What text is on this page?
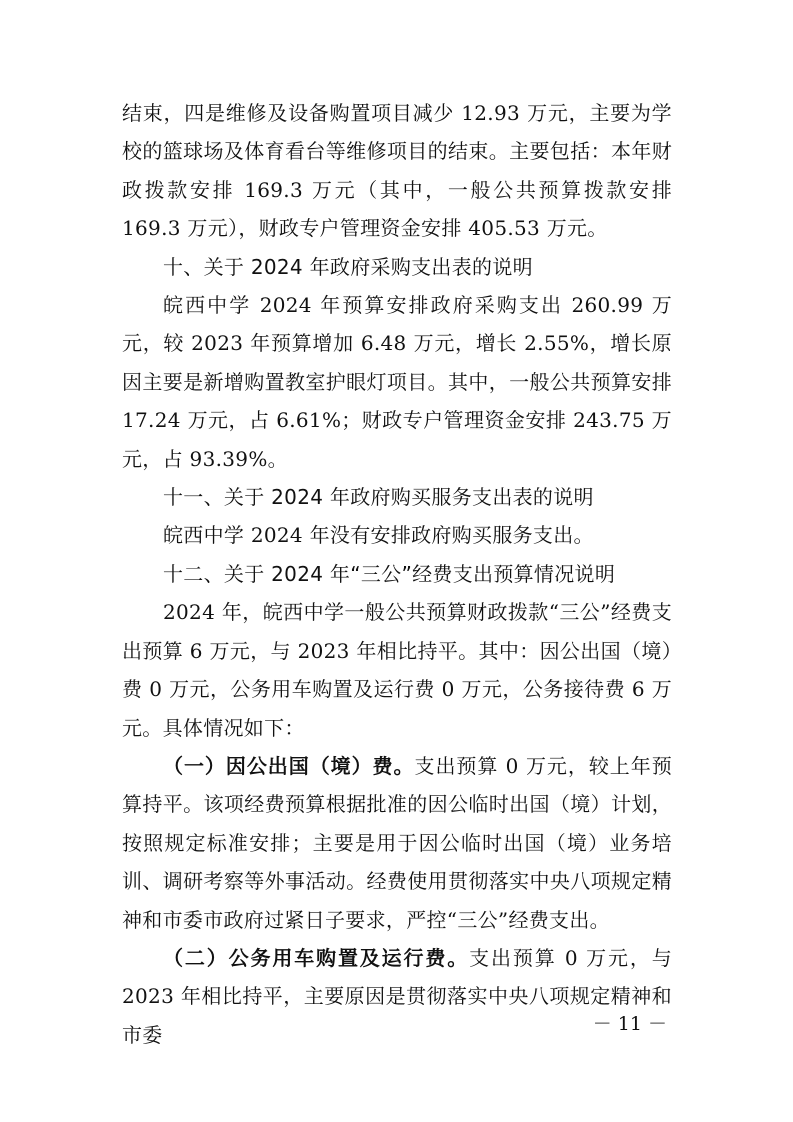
结束，四是维修及设备购置项目减少 12.93 万元，主要为学校的篮球场及体育看台等维修项目的结束。主要包括：本年财政拨款安排 169.3 万元（其中，一般公共预算拨款安排 169.3 万元），财政专户管理资金安排 405.53 万元。

十、关于 2024 年政府采购支出表的说明

皖西中学 2024 年预算安排政府采购支出 260.99 万元，较 2023 年预算增加 6.48 万元，增长 2.55%，增长原因主要是新增购置教室护眼灯项目。其中，一般公共预算安排 17.24 万元，占 6.61%；财政专户管理资金安排 243.75 万元，占 93.39%。

十一、关于 2024 年政府购买服务支出表的说明

皖西中学 2024 年没有安排政府购买服务支出。

十二、关于 2024 年“三公”经费支出预算情况说明

2024 年，皖西中学一般公共预算财政拨款“三公”经费支出预算 6 万元，与 2023 年相比持平。其中：因公出国（境）费 0 万元，公务用车购置及运行费 0 万元，公务接待费 6 万元。具体情况如下：

（一）因公出国（境）费。支出预算 0 万元，较上年预算持平。该项经费预算根据批准的因公临时出国（境）计划，按照规定标准安排；主要是用于因公临时出国（境）业务培训、调研考察等外事活动。经费使用贯彻落实中央八项规定精神和市委市政府过紧日子要求，严控“三公”经费支出。

（二）公务用车购置及运行费。支出预算 0 万元，与 2023 年相比持平，主要原因是贯彻落实中央八项规定精神和市委	－ 11 －
